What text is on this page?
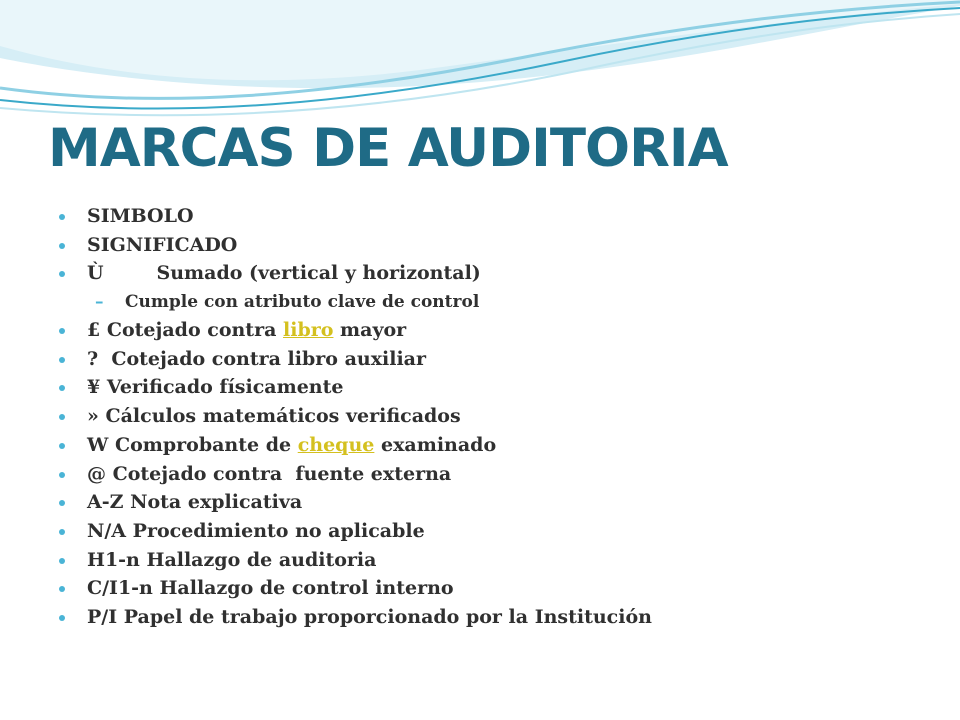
MARCAS DE AUDITORIA
SIMBOLO
SIGNIFICADO
Ù        Sumado (vertical y horizontal)
– Cumple con atributo clave de control
£ Cotejado contra libro mayor
?  Cotejado contra libro auxiliar
¥ Verificado físicamente
» Cálculos matemáticos verificados
W Comprobante de cheque examinado
@ Cotejado contra  fuente externa
A-Z Nota explicativa
N/A Procedimiento no aplicable
H1-n Hallazgo de auditoria
C/I1-n Hallazgo de control interno
P/I Papel de trabajo proporcionado por la Institución
